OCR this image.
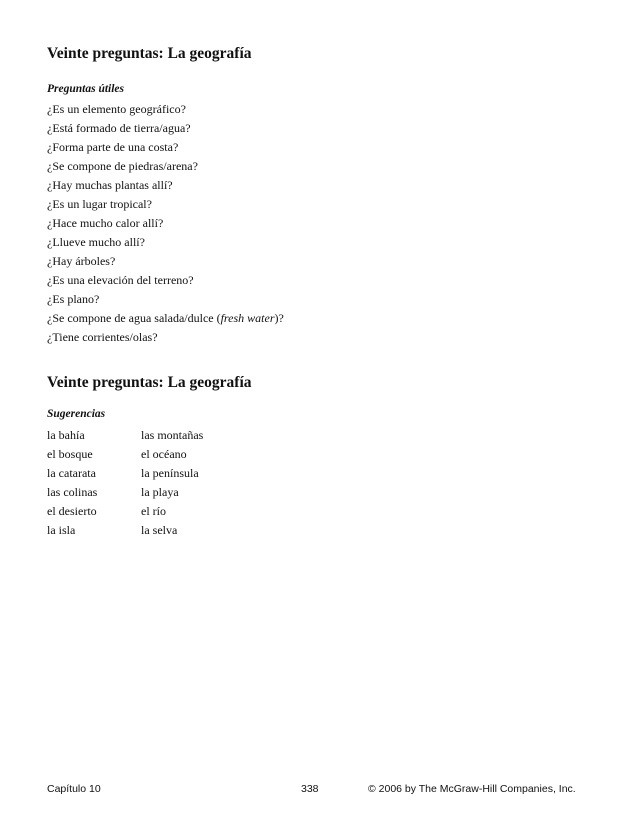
Veinte preguntas: La geografía
Preguntas útiles
¿Es un elemento geográfico?
¿Está formado de tierra/agua?
¿Forma parte de una costa?
¿Se compone de piedras/arena?
¿Hay muchas plantas allí?
¿Es un lugar tropical?
¿Hace mucho calor allí?
¿Llueve mucho allí?
¿Hay árboles?
¿Es una elevación del terreno?
¿Es plano?
¿Se compone de agua salada/dulce (fresh water)?
¿Tiene corrientes/olas?
Veinte preguntas: La geografía
Sugerencias
la bahía
el bosque
la catarata
las colinas
el desierto
la isla
las montañas
el océano
la península
la playa
el río
la selva
Capítulo 10	338	© 2006 by The McGraw-Hill Companies, Inc.
